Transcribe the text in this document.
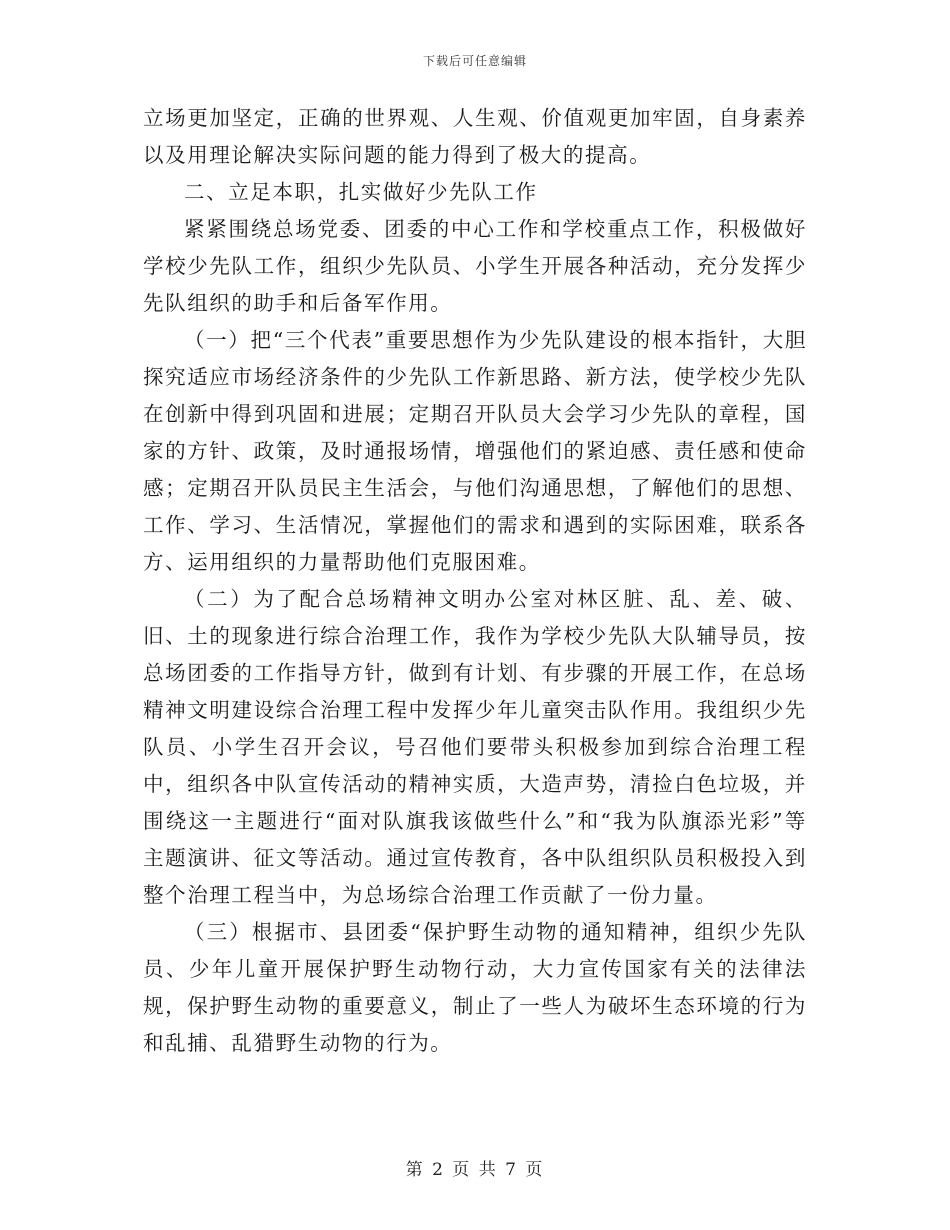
下载后可任意编辑

立场更加坚定，正确的世界观、人生观、价值观更加牢固，自身素养以及用理论解决实际问题的能力得到了极大的提高。

二、立足本职，扎实做好少先队工作

紧紧围绕总场党委、团委的中心工作和学校重点工作，积极做好学校少先队工作，组织少先队员、小学生开展各种活动，充分发挥少先队组织的助手和后备军作用。

（一）把“三个代表”重要思想作为少先队建设的根本指针，大胆探究适应市场经济条件的少先队工作新思路、新方法，使学校少先队在创新中得到巩固和进展；定期召开队员大会学习少先队的章程，国家的方针、政策，及时通报场情，增强他们的紧迫感、责任感和使命感；定期召开队员民主生活会，与他们沟通思想，了解他们的思想、工作、学习、生活情况，掌握他们的需求和遇到的实际困难，联系各方、运用组织的力量帮助他们克服困难。

（二）为了配合总场精神文明办公室对林区脏、乱、差、破、旧、土的现象进行综合治理工作，我作为学校少先队大队辅导员，按总场团委的工作指导方针，做到有计划、有步骤的开展工作，在总场精神文明建设综合治理工程中发挥少年儿童突击队作用。我组织少先队员、小学生召开会议，号召他们要带头积极参加到综合治理工程中，组织各中队宣传活动的精神实质，大造声势，清捡白色垃圾，并围绕这一主题进行“面对队旗我该做些什么”和“我为队旗添光彩”等主题演讲、征文等活动。通过宣传教育，各中队组织队员积极投入到整个治理工程当中，为总场综合治理工作贡献了一份力量。

（三）根据市、县团委“保护野生动物的通知精神，组织少先队员、少年儿童开展保护野生动物行动，大力宣传国家有关的法律法规，保护野生动物的重要意义，制止了一些人为破坏生态环境的行为和乱捕、乱猎野生动物的行为。

第 2 页 共 7 页
